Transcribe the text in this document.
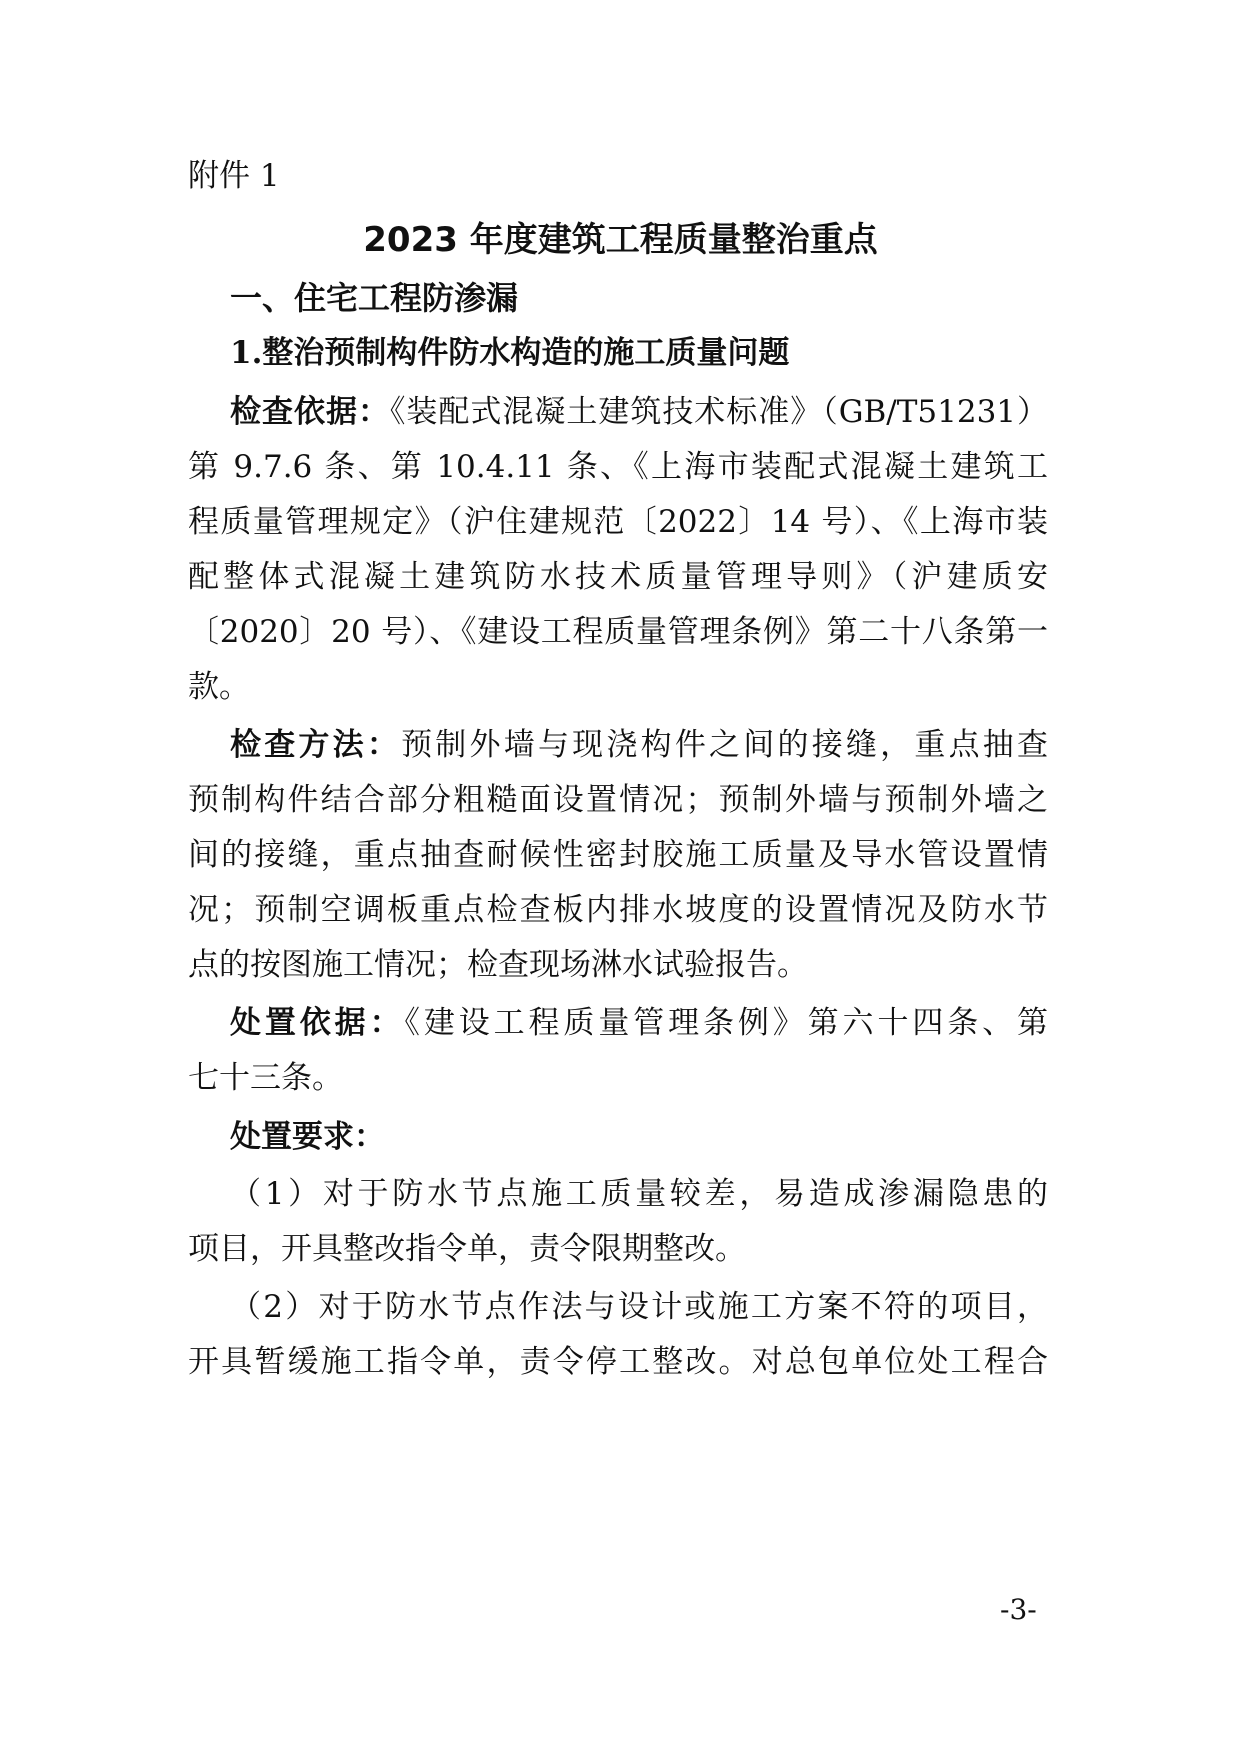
附件 1
2023 年度建筑工程质量整治重点
一、住宅工程防渗漏
1.整治预制构件防水构造的施工质量问题
检查依据：《装配式混凝土建筑技术标准》（GB/T51231）
第 9.7.6 条、第 10.4.11 条、《上海市装配式混凝土建筑工
程质量管理规定》（沪住建规范〔2022〕14 号）、《上海市装
配整体式混凝土建筑防水技术质量管理导则》（沪建质安
〔2020〕20 号）、《建设工程质量管理条例》第二十八条第一
款。
检查方法：预制外墙与现浇构件之间的接缝，重点抽查
预制构件结合部分粗糙面设置情况；预制外墙与预制外墙之
间的接缝，重点抽查耐候性密封胶施工质量及导水管设置情
况；预制空调板重点检查板内排水坡度的设置情况及防水节
点的按图施工情况；检查现场淋水试验报告。
处置依据：《建设工程质量管理条例》第六十四条、第
七十三条。
处置要求：
（1）对于防水节点施工质量较差，易造成渗漏隐患的
项目，开具整改指令单，责令限期整改。
（2）对于防水节点作法与设计或施工方案不符的项目，
开具暂缓施工指令单，责令停工整改。对总包单位处工程合
-3-
